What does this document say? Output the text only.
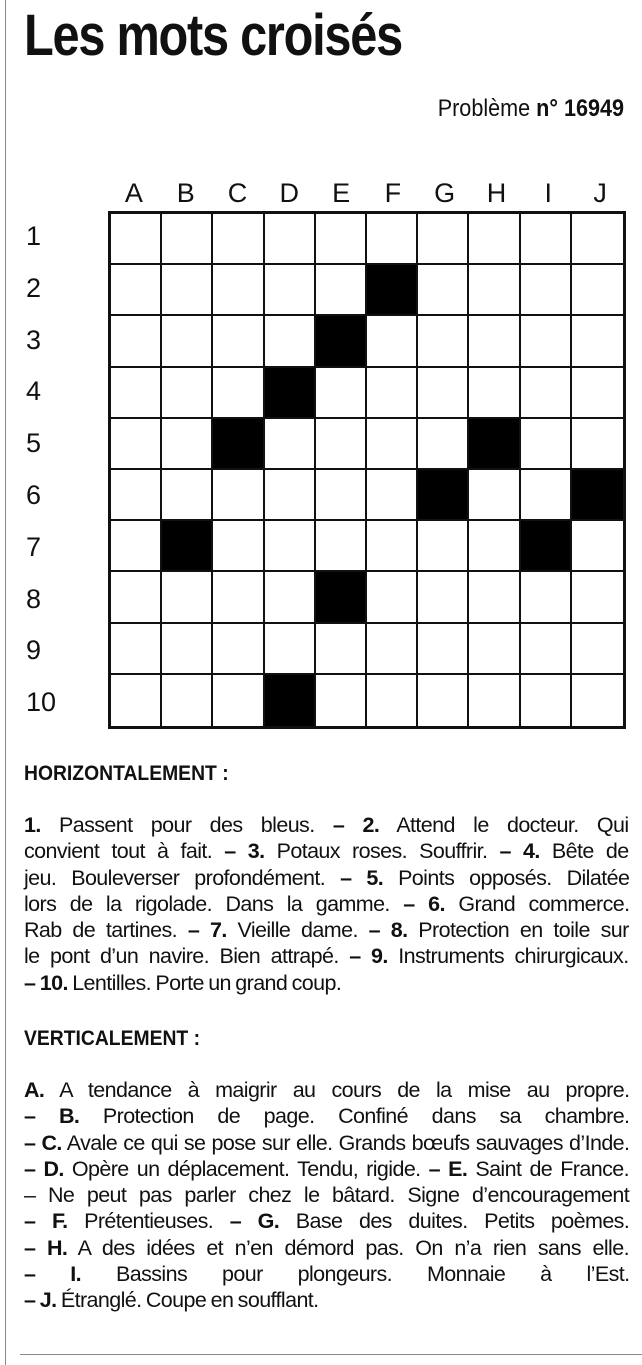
Les mots croisés
Problème n° 16949
A	B	C	D	E	F	G	H	I	J
1
2
3
4
5
6
7
8
9
10
HORIZONTALEMENT :
1. Passent pour des bleus. – 2. Attend le docteur. Qui
convient tout à fait. – 3. Potaux roses. Souffrir. – 4. Bête de
jeu. Bouleverser profondément. – 5. Points opposés. Dilatée
lors de la rigolade. Dans la gamme. – 6. Grand commerce.
Rab de tartines. – 7. Vieille dame. – 8. Protection en toile sur
le pont d’un navire. Bien attrapé. – 9. Instruments chirurgicaux.
– 10. Lentilles. Porte un grand coup.
VERTICALEMENT :
A. A tendance à maigrir au cours de la mise au propre.
– B. Protection de page. Confiné dans sa chambre.
– C. Avale ce qui se pose sur elle. Grands bœufs sauvages d’Inde.
– D. Opère un déplacement. Tendu, rigide. – E. Saint de France.
– Ne peut pas parler chez le bâtard. Signe d’encouragement
– F. Prétentieuses. – G. Base des duites. Petits poèmes.
– H. A des idées et n’en démord pas. On n’a rien sans elle.
– I. Bassins pour plongeurs. Monnaie à l’Est.
– J. Étranglé. Coupe en soufflant.
